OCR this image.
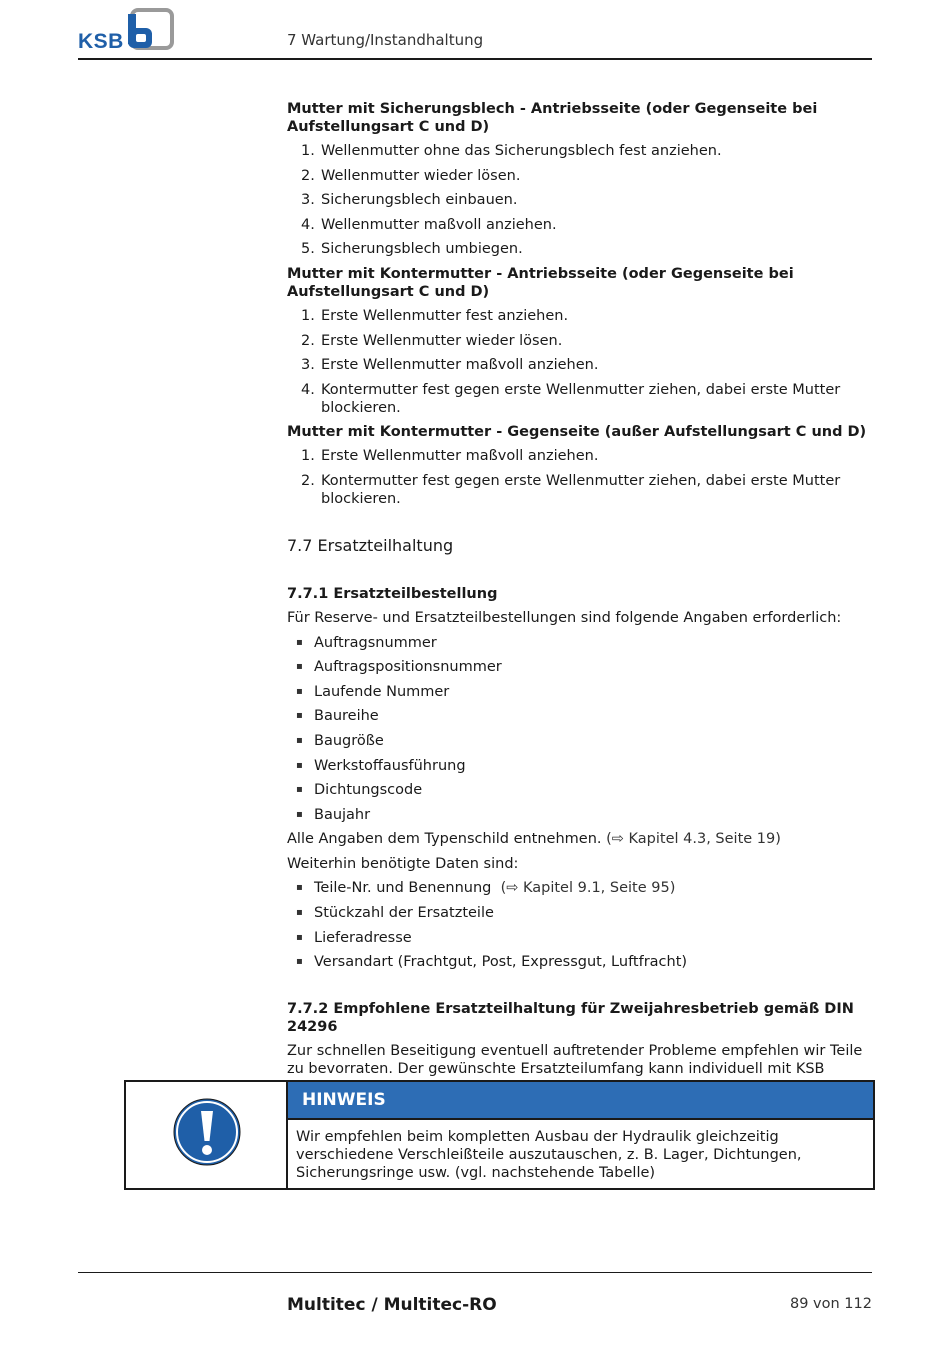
KSB	7 Wartung/Instandhaltung
Mutter mit Sicherungsblech - Antriebsseite (oder Gegenseite bei Aufstellungsart C und D)
1. Wellenmutter ohne das Sicherungsblech fest anziehen.
2. Wellenmutter wieder lösen.
3. Sicherungsblech einbauen.
4. Wellenmutter maßvoll anziehen.
5. Sicherungsblech umbiegen.
Mutter mit Kontermutter - Antriebsseite (oder Gegenseite bei Aufstellungsart C und D)
1. Erste Wellenmutter fest anziehen.
2. Erste Wellenmutter wieder lösen.
3. Erste Wellenmutter maßvoll anziehen.
4. Kontermutter fest gegen erste Wellenmutter ziehen, dabei erste Mutter blockieren.
Mutter mit Kontermutter - Gegenseite (außer Aufstellungsart C und D)
1. Erste Wellenmutter maßvoll anziehen.
2. Kontermutter fest gegen erste Wellenmutter ziehen, dabei erste Mutter blockieren.
7.7 Ersatzteilhaltung
7.7.1 Ersatzteilbestellung
Für Reserve- und Ersatzteilbestellungen sind folgende Angaben erforderlich:
▪ Auftragsnummer
▪ Auftragspositionsnummer
▪ Laufende Nummer
▪ Baureihe
▪ Baugröße
▪ Werkstoffausführung
▪ Dichtungscode
▪ Baujahr
Alle Angaben dem Typenschild entnehmen. (⇨ Kapitel 4.3, Seite 19)
Weiterhin benötigte Daten sind:
▪ Teile-Nr. und Benennung (⇨ Kapitel 9.1, Seite 95)
▪ Stückzahl der Ersatzteile
▪ Lieferadresse
▪ Versandart (Frachtgut, Post, Expressgut, Luftfracht)
7.7.2 Empfohlene Ersatzteilhaltung für Zweijahresbetrieb gemäß DIN 24296
Zur schnellen Beseitigung eventuell auftretender Probleme empfehlen wir Teile zu bevorraten. Der gewünschte Ersatzteilumfang kann individuell mit KSB
HINWEIS
Wir empfehlen beim kompletten Ausbau der Hydraulik gleichzeitig verschiedene Verschleißteile auszutauschen, z. B. Lager, Dichtungen, Sicherungsringe usw. (vgl. nachstehende Tabelle)
Multitec / Multitec-RO	89 von 112
